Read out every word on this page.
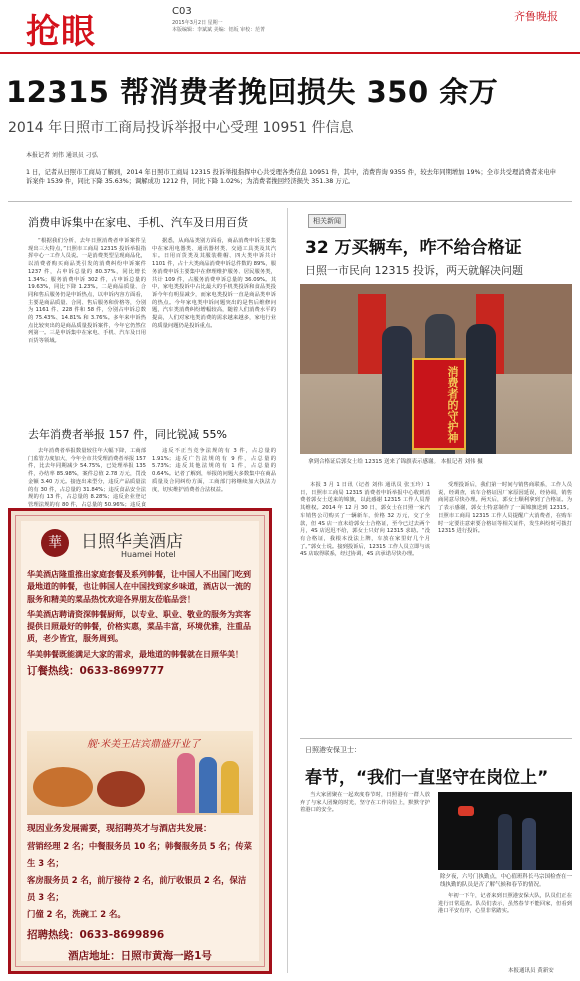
抢眼
C03
2015年3月2日 星期一
本版编辑：李斌斌 美编：铝坂 审校：范菁
齐鲁晚报
12315 帮消费者挽回损失 350 余万
2014 年日照市工商局投诉举报中心受理 10951 件信息
本报记者 刘伟 通讯员 刁弘
1 日，记者从日照市工商局了解到，2014 年日照市工商局 12315 投诉举报指挥中心共受理各类信息 10951 件，其中，消费咨询 9355 件，较去年同期增加 19%；全市共受理消费者来电申诉案件 1539 件，同比下降 35.63%；调解成功 1212 件，同比下降 1.02%；为消费者挽回经济损失 351.38 万元。
消费申诉集中在家电、手机、汽车及日用百货
“根据我们分析，去年日照消费者申诉案件呈现出三大特点，”日照市工商局 12315 投诉举报指挥中心一工作人员说。一是消费类型呈现商品化，以消费者购买商品类引发的消费纠纷申诉案件 1237 件，占申诉总量的 80.37%，同比增长 1.34%；服务消费申诉 302 件，占申诉总量的 19.63%，同比下降 1.23%。二是商品质量、合同和售后服务仍是申诉热点，以申诉内容方面看，主要是商品质量、合同、售后服务和价格等，分别为 1161 件、228 件和 58 件，分别占申诉总数的 75.43%、14.81% 和 3.76%。多年来申诉热点比较突出的是商品质量投诉案件，今年它仍然位列第一。三是申诉集中在家电、手机、汽车及日用百货等领域。
据悉，从商品类别方面看，商品消费申诉主要集中在家用电器类、通讯器材类、交通工具类及其汽车。日用百货类及其服装鞋帽、四大类申诉共计 1101 件，占十大类商品消费申诉总件数的 89%，服务消费申诉主要集中在修理维护服务、居民服务类，共计 109 件，占服务消费申诉总量的 36.09%。其中，家电类投诉中占比最大的手机类投诉和食品类投诉今年有明显减少，而家电类投诉一直是商品类申诉的热点。今年家电类申诉问题突出的是售后维修问题，汽车类消费纠纷增幅较高，随着人们消费水平的提高，人们对家电类消费的需求越来越多，家电行业的质量问题仍是投诉重点。
去年消费者举报 157 件，同比锐减 55%
去年消费者举报数量较往年大幅下降，工商部门监管力度加大，今年全市共受理消费者举报 157 件，比去年同期减少 54.75%，已处理举报 135 件，办结率 85.98%，案件总值 2.78 万元，罚没金额 3.40 万元。接连出来型分，违反产品质量法的有 30 件，占总量的 31.84%；违反食品安全法规的有 13 件，占总量的 8.28%；违反企业登记管理法规的有 80 件，占总量的 50.96%；违反食
违反不正当竞争法规的有 3 件，占总量的 1.91%；违反广告法规的有 9 件，占总量的 5.73%；违反其他法规的有 1 件，占总量的 0.64%。记者了解到，举报的问题大多数集中在商品质量及合同纠纷方面，工商部门将继续加大执法力度，切实维护消费者合法权益。
相关新闻
32 万买辆车，咋不给合格证
日照一市民向 12315 投诉，两天就解决问题
消费者的守护神
拿到合格证后郭女士给 12315 送来了锦旗表示感谢。 本报记者 刘伟 摄
本报 3 月 1 日讯（记者 刘伟 通讯员 张玉玲）1 日，日照市工商局 12315 消费者申诉举报中心收到消费者郭女士送来的锦旗，以此感谢 12315 工作人员帮其维权。2014 年 12 月 30 日，郭女士在日照一家汽车销售公司购买了一辆新车，价格 32 万元，交了全款，但 4S 店一直未给郭女士合格证，至今已过去两个月，4S 店迟迟不给，郭女士只好向 12315 求助。“没有合格证，我根本没法上牌，车放在家里好几个月了。”郭女士说。接到投诉后，12315 工作人员立即与该 4S 店取得联系，经过协调，4S 店承诺尽快办理。
受理投诉后，我们第一时间与销售商联系，工作人员说，经调查，该车合格证因厂家原因延误，经协调，销售商同意尽快办理。两天后，郭女士顺利拿到了合格证。为了表示感谢，郭女士特意制作了一面锦旗送到 12315。日照市工商局 12315 工作人员提醒广大消费者，在购车时一定要注意索要合格证等相关证件，发生纠纷时可拨打 12315 进行投诉。
日照港安保卫士：
春节，“我们一直坚守在岗位上”
当大家团聚在一起欢度春节时，日照港有一群人放弃了与家人团聚的时光，坚守在工作岗位上，默默守护着港口的安全。
除夕夜，六号门执勤点，中心值班科长马宗国检查在一线执勤的队员是否了解气候和春节的情况。
年初一下午，记者来到日照港安保大队，队员们正在进行日常巡查。队员们表示，虽然春节不能回家，但看到港口平安有序，心里非常踏实。
本报通讯员 黄新安
華	日照华美酒店
Huamei Hotel

华美酒店隆重推出家庭套餐及系列韩餐，让中国人不出国门吃到最地道的韩餐，也让韩国人在中国找到家乡味道，酒店以一流的服务和精美的菜品热忱欢迎各界朋友莅临品尝！

华美酒店聘请资深韩餐厨师，以专业、职业、敬业的服务为宾客提供日照最好的韩餐，价格实惠，菜品丰富，环境优雅，注重品质，老少皆宜，服务周到。

华美韩餐既能满足大家的需求，最地道的韩餐就在日照华美！

订餐热线：0633-8699777
舰·米美王店宾鼎盛开业了
现因业务发展需要，现招聘英才与酒店共发展：
营销经理 2 名；中餐服务员 10 名；韩餐服务员 5 名；传菜生 3 名；
客房服务员 2 名，前厅接待 2 名，前厅收银员 2 名，保洁员 3 名；
门僮 2 名，洗碗工 2 名。
招聘热线：0633-8699896
酒店地址：日照市黄海一路1号
